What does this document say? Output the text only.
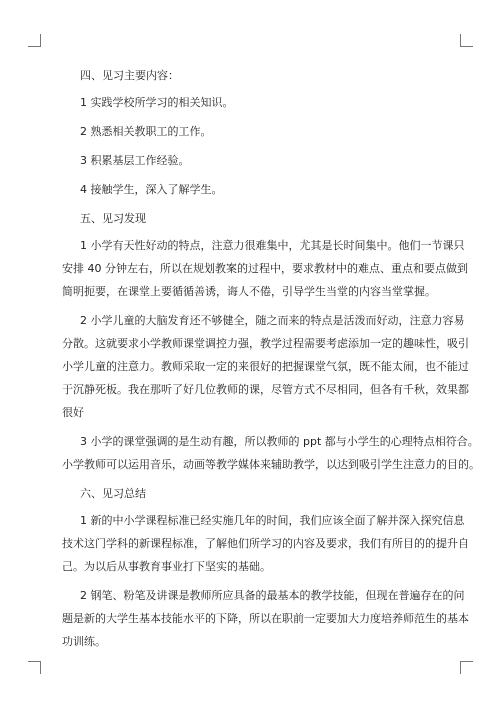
四、见习主要内容：

1 实践学校所学习的相关知识。

2 熟悉相关教职工的工作。

3 积累基层工作经验。

4 接触学生，深入了解学生。

五、见习发现

1 小学有天性好动的特点，注意力很难集中，尤其是长时间集中。他们一节课只
安排 40 分钟左右，所以在规划教案的过程中，要求教材中的难点、重点和要点做到
简明扼要，在课堂上要循循善诱，诲人不倦，引导学生当堂的内容当堂掌握。

2 小学儿童的大脑发育还不够健全，随之而来的特点是活泼而好动，注意力容易
分散。这就要求小学教师课堂调控力强，教学过程需要考虑添加一定的趣味性，吸引
小学儿童的注意力。教师采取一定的来很好的把握课堂气氛，既不能太闹，也不能过
于沉静死板。我在那听了好几位教师的课，尽管方式不尽相同，但各有千秋，效果都
很好

3 小学的课堂强调的是生动有趣，所以教师的 ppt 都与小学生的心理特点相符合。
小学教师可以运用音乐，动画等教学媒体来辅助教学，以达到吸引学生注意力的目的。

六、见习总结

1 新的中小学课程标准已经实施几年的时间，我们应该全面了解并深入探究信息
技术这门学科的新课程标准，了解他们所学习的内容及要求，我们有所目的的提升自
己。为以后从事教育事业打下坚实的基础。

2 钢笔、粉笔及讲课是教师所应具备的最基本的教学技能，但现在普遍存在的问
题是新的大学生基本技能水平的下降，所以在职前一定要加大力度培养师范生的基本
功训练。
